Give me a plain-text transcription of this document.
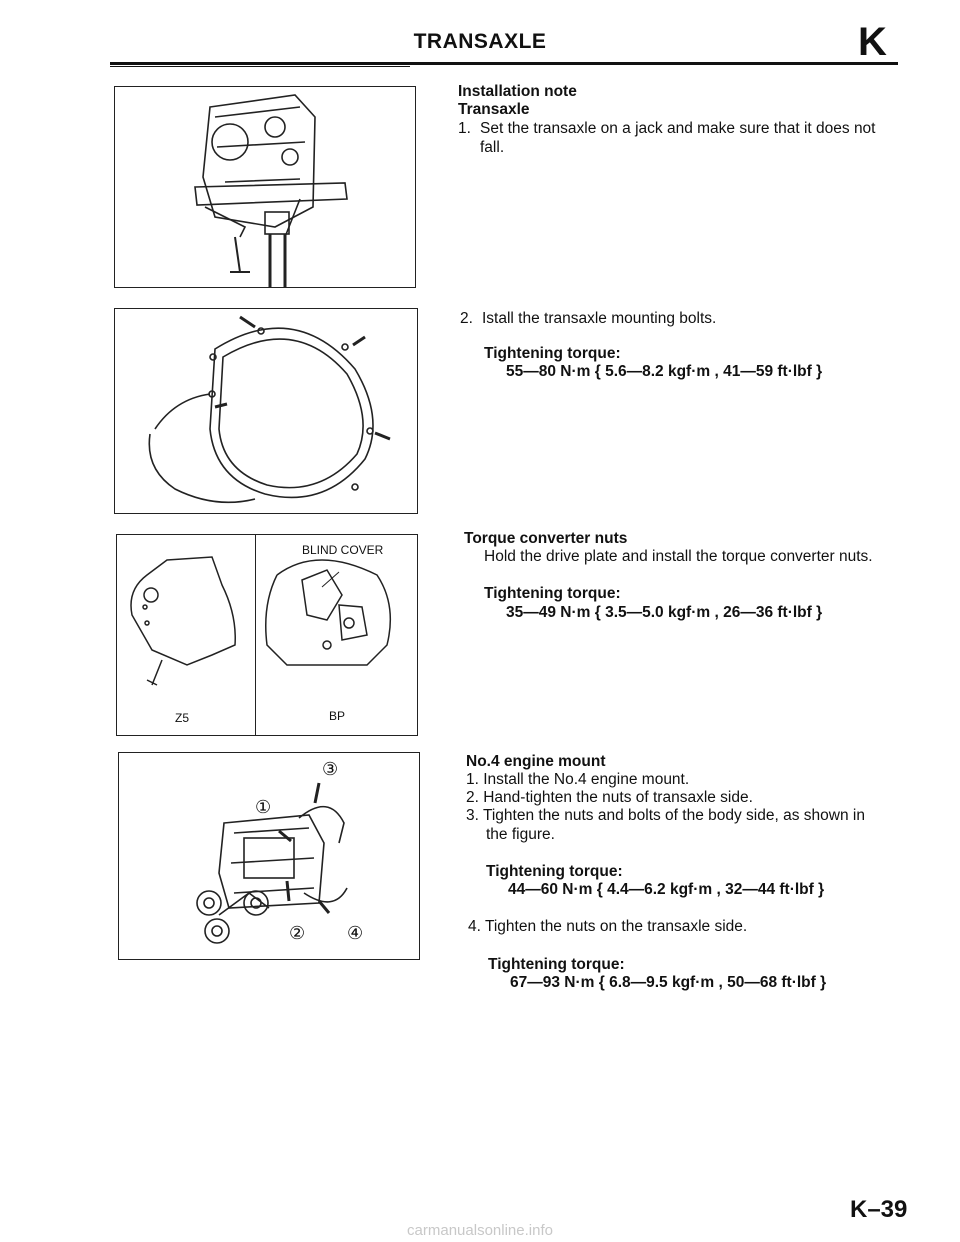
TRANSAXLE	K
Installation note
Transaxle
1. Set the transaxle on a jack and make sure that it does not
fall.
2. Istall the transaxle mounting bolts.
Tightening torque:
55—80 N·m { 5.6—8.2 kgf·m , 41—59 ft·lbf }
BLIND COVER
Z5	BP
Torque converter nuts
Hold the drive plate and install the torque converter nuts.
Tightening torque:
35—49 N·m { 3.5—5.0 kgf·m , 26—36 ft·lbf }
①
③
② ④
No.4 engine mount
1. Install the No.4 engine mount.
2. Hand-tighten the nuts of transaxle side.
3. Tighten the nuts and bolts of the body side, as shown in
the figure.
Tightening torque:
44—60 N·m { 4.4—6.2 kgf·m , 32—44 ft·lbf }
4. Tighten the nuts on the transaxle side.
Tightening torque:
67—93 N·m { 6.8—9.5 kgf·m , 50—68 ft·lbf }
K–39
carmanualsonline.info
